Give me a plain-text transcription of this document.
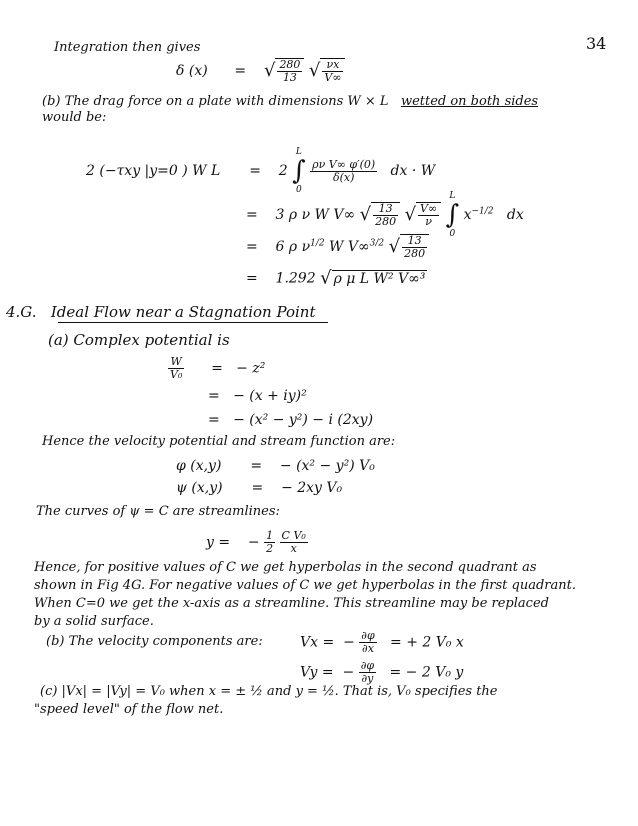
34
Integration then gives
δ (x) = √ $\frac{280}{13}$ √ $\frac{\nu x}{V\infty}$
(b) The drag force on a plate with dimensions W × L wetted on both sides
would be:
2 (−τxy |y=0 ) W L = 2
L
∫
0

$\frac{\text{ρν V∞ φ′(0)}}{\delta(x)}$ dx · W
= 3 ρ ν W V∞ √ $\frac{13}{280}$ √ $\frac{V\infty}{\nu}$

L
∫
0
$x^{-1/2}$ dx
= 6 ρ $\nu^{1/2}$ W V∞$^{3/2}$ √ $\frac{13}{280}$
= 1.292 √ ρ μ L W² V∞³
4.G. Ideal Flow near a Stagnation Point
(a) Complex potential is
$\frac{W}{\text{V₀}}$ = − z²
= − (x + iy)²
= − (x² − y²) − i (2xy)
Hence the velocity potential and stream function are:
φ (x,y) = − (x² − y²) V₀
ψ (x,y) = − 2xy V₀
The curves of ψ = C are streamlines:
y = − $\frac{1}{2}$
$\frac{\text{C V₀}}{x}$
Hence, for positive values of C we get hyperbolas in the second quadrant as
shown in Fig 4G. For negative values of C we get hyperbolas in the first quadrant.
When C=0 we get the x-axis as a streamline. This streamline may be replaced
by a solid surface.
(b) The velocity components are:	Vx = − $\frac{\partial\varphi}{\partial x}$ = + 2 V₀ x
Vy = − $\frac{\partial\varphi}{\partial y}$ = − 2 V₀ y
(c) |Vx| = |Vy| = V₀ when x = ± ½ and y = ½. That is, V₀ specifies the
"speed level" of the flow net.
